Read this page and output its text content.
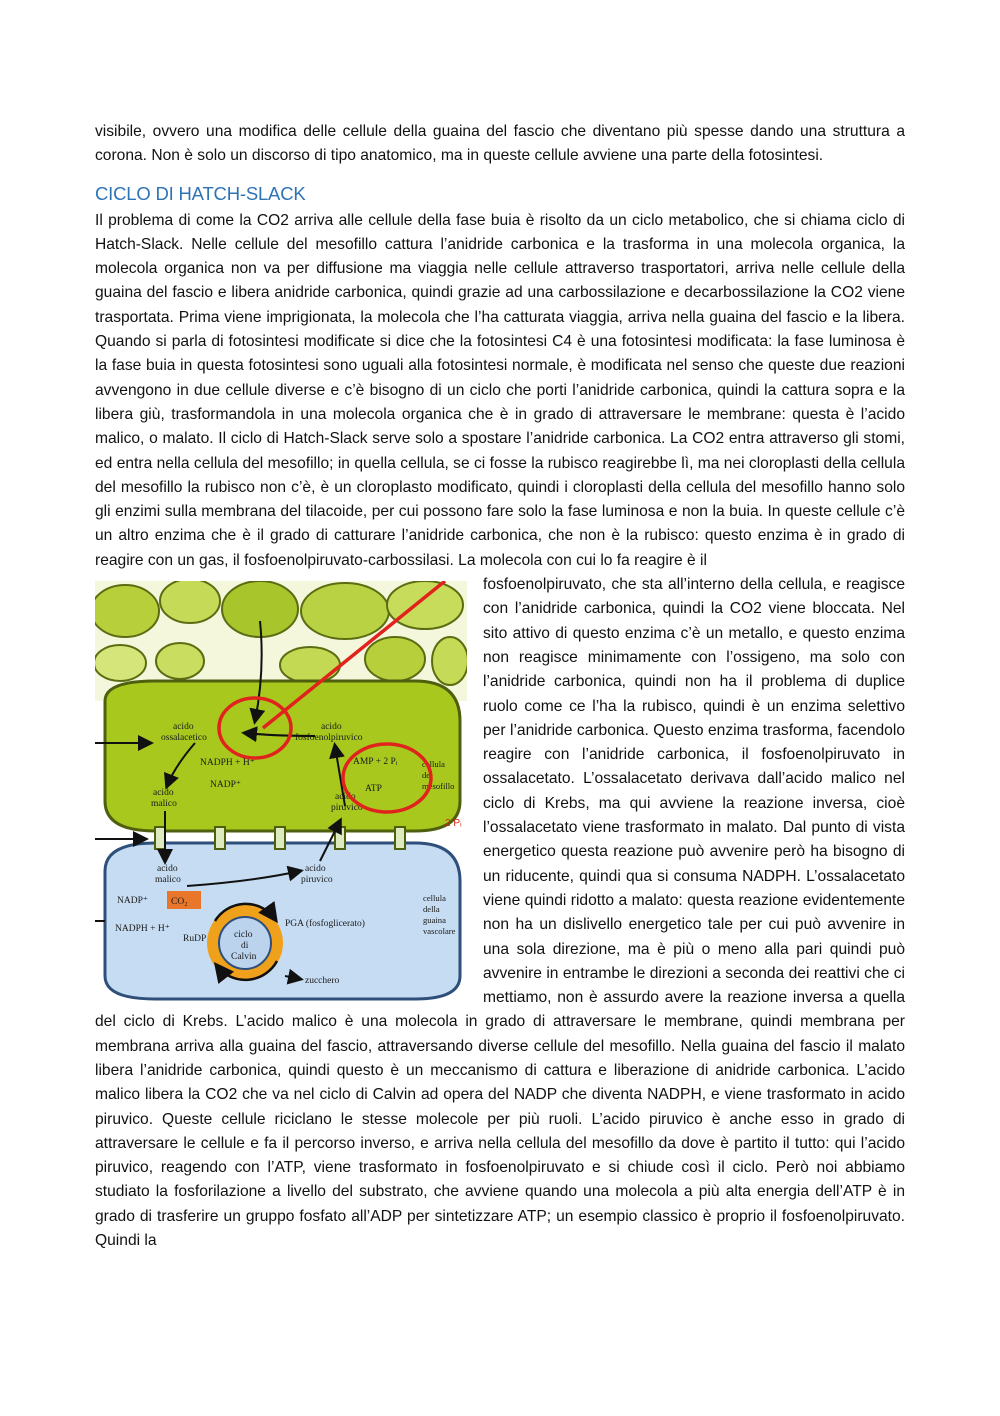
visibile, ovvero una modifica delle cellule della guaina del fascio che diventano più spesse dando una struttura a corona. Non è solo un discorso di tipo anatomico, ma in queste cellule avviene una parte della fotosintesi.

CICLO DI HATCH-SLACK

Il problema di come la CO2 arriva alle cellule della fase buia è risolto da un ciclo metabolico, che si chiama ciclo di Hatch-Slack. Nelle cellule del mesofillo cattura l’anidride carbonica e la trasforma in una molecola organica, la molecola organica non va per diffusione ma viaggia nelle cellule attraverso trasportatori, arriva nelle cellule della guaina del fascio e libera anidride carbonica, quindi grazie ad una carbossilazione e decarbossilazione la CO2 viene trasportata. Prima viene imprigionata, la molecola che l’ha catturata viaggia, arriva nella guaina del fascio e la libera. Quando si parla di fotosintesi modificate si dice che la fotosintesi C4 è una fotosintesi modificata: la fase luminosa è la fase buia in questa fotosintesi sono uguali alla fotosintesi normale, è modificata nel senso che queste due reazioni avvengono in due cellule diverse e c’è bisogno di un ciclo che porti l’anidride carbonica, quindi la cattura sopra e la libera giù, trasformandola in una molecola organica che è in grado di attraversare le membrane: questa è l’acido malico, o malato. Il ciclo di Hatch-Slack serve solo a spostare l’anidride carbonica. La CO2 entra attraverso gli stomi, ed entra nella cellula del mesofillo; in quella cellula, se ci fosse la rubisco reagirebbe lì, ma nei cloroplasti della cellula del mesofillo la rubisco non c’è, è un cloroplasto modificato, quindi i cloroplasti della cellula del mesofillo hanno solo gli enzimi sulla membrana del tilacoide, per cui possono fare solo la fase luminosa e non la buia. In queste cellule c’è un altro enzima che è il grado di catturare l’anidride carbonica, che non è la rubisco: questo enzima è in grado di reagire con un gas, il fosfoenolpiruvato-carbossilasi. La molecola con cui lo fa reagire è il

acido
ossalacetico
acido
fosfoenolpiruvico
NADPH + H⁺
NADP⁺
AMP + 2 Pᵢ
ATP
acido
malico
acido
piruvico
cellula
del
mesofillo
2 Pᵢ
acido
malico
acido
piruvico
NADP⁺ CO₂
NADPH + H⁺
RuDP	ciclo
di
Calvin
PGA (fosfoglicerato)
zucchero
cellula
della
guaina
vascolare

fosfoenolpiruvato, che sta all’interno della cellula, e reagisce con l’anidride carbonica, quindi la CO2 viene bloccata. Nel sito attivo di questo enzima c’è un metallo, e questo enzima non reagisce minimamente con l’ossigeno, ma solo con l’anidride carbonica, quindi non ha il problema di duplice ruolo come ce l’ha la rubisco, quindi è un enzima selettivo per l’anidride carbonica. Questo enzima trasforma, facendolo reagire con l’anidride carbonica, il fosfoenolpiruvato in ossalacetato. L’ossalacetato derivava dall’acido malico nel ciclo di Krebs, ma qui avviene la reazione inversa, cioè l’ossalacetato viene trasformato in malato. Dal punto di vista energetico questa reazione può avvenire però ha bisogno di un riducente, quindi qua si consuma NADPH. L’ossalacetato viene quindi ridotto a malato: questa reazione evidentemente non ha un dislivello energetico tale per cui può avvenire in una sola direzione, ma è più o meno alla pari quindi può avvenire in entrambe le direzioni a seconda dei reattivi che ci mettiamo, non è assurdo avere la reazione inversa a quella del ciclo di Krebs. L’acido malico è una molecola in grado di attraversare le membrane, quindi membrana per membrana arriva alla guaina del fascio, attraversando diverse cellule del mesofillo. Nella guaina del fascio il malato libera l’anidride carbonica, quindi questo è un meccanismo di cattura e liberazione di anidride carbonica. L’acido malico libera la CO2 che va nel ciclo di Calvin ad opera del NADP che diventa NADPH, e viene trasformato in acido piruvico. Queste cellule riciclano le stesse molecole per più ruoli. L’acido piruvico è anche esso in grado di attraversare le cellule e fa il percorso inverso, e arriva nella cellula del mesofillo da dove è partito il tutto: qui l’acido piruvico, reagendo con l’ATP, viene trasformato in fosfoenolpiruvato e si chiude così il ciclo. Però noi abbiamo studiato la fosforilazione a livello del substrato, che avviene quando una molecola a più alta energia dell’ATP è in grado di trasferire un gruppo fosfato all’ADP per sintetizzare ATP; un esempio classico è proprio il fosfoenolpiruvato. Quindi la
